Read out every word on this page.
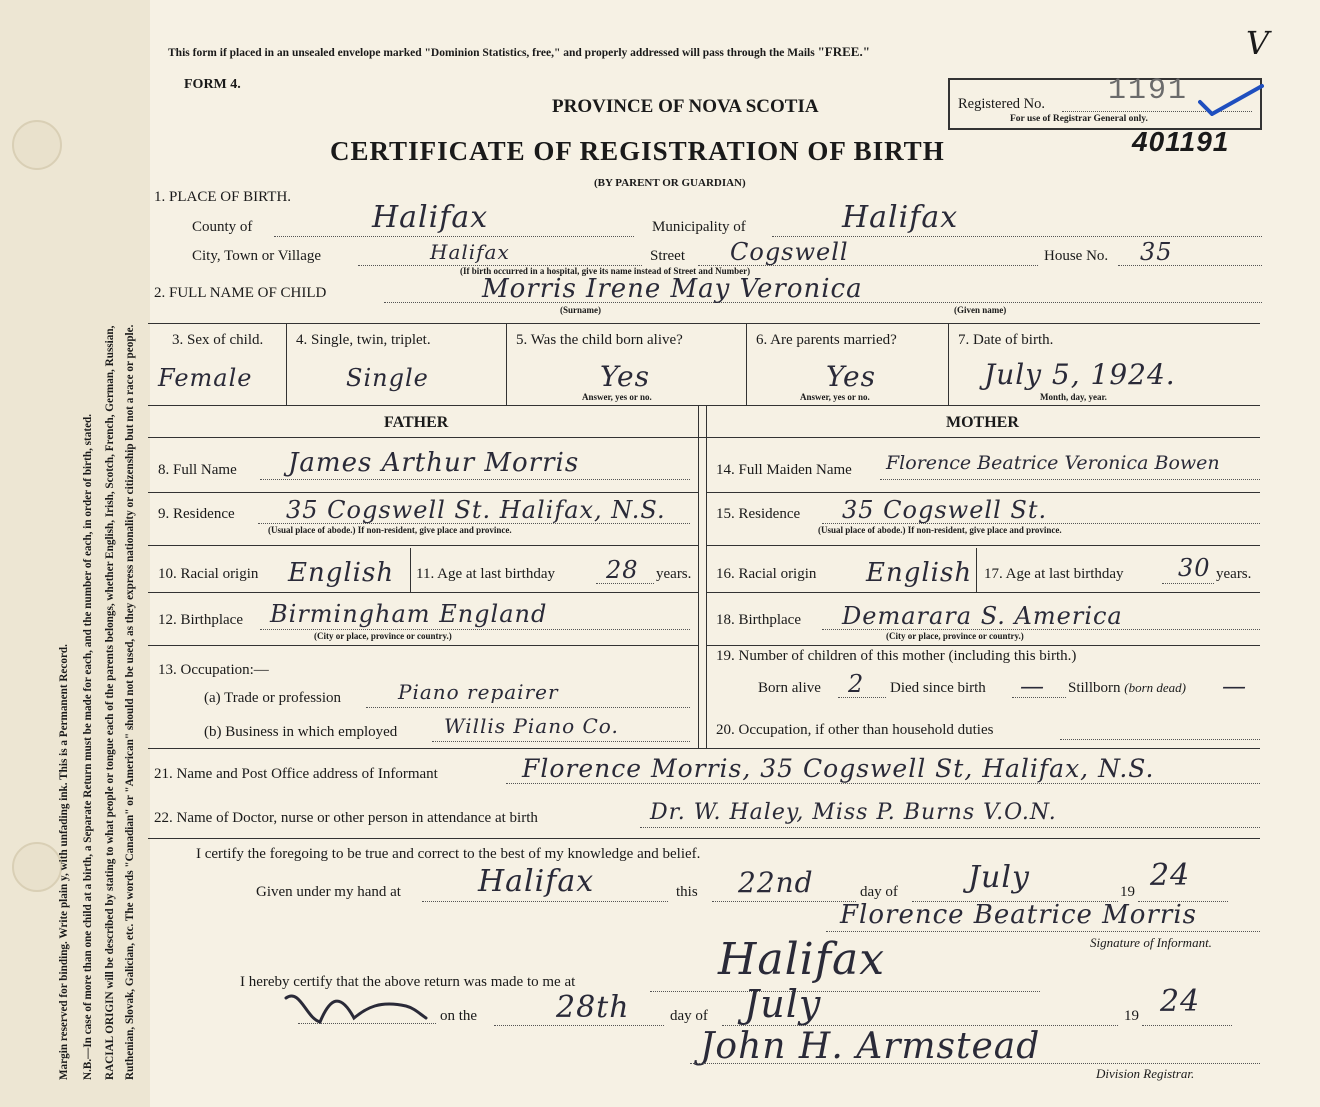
Margin reserved for binding. Write plain y, with unfading ink. This is a Permanent Record. N.B.—In case of more than one child at a birth, a Separate Return must be made for each, and the number of each, in order of birth, stated. RACIAL ORIGIN will be described by stating to what people or tongue each of the parents belongs, whether English, Irish, Scotch, French, German, Russian, Ruthenian, Slovak, Galician, etc. The words "Canadian" or "American" should not be used, as they express nationality or citizenship but not a race or people.
This form if placed in an unsealed envelope marked "Dominion Statistics, free," and properly addressed will pass through the Mails "FREE."	V
FORM 4.
PROVINCE OF NOVA SCOTIA
CERTIFICATE OF REGISTRATION OF BIRTH
(BY PARENT OR GUARDIAN)
Registered No. 1191
For use of Registrar General only.
401191
1. PLACE OF BIRTH.
County of	Halifax	Municipality of	Halifax
City, Town or Village	Halifax	Street Cogswell	House No. 35
(If birth occurred in a hospital, give its name instead of Street and Number)
2. FULL NAME OF CHILD	Morris Irene May Veronica
(Surname)	(Given name)
3. Sex of child.
Female
4. Single, twin, triplet.
Single
5. Was the child born alive?
Yes
Answer, yes or no.
6. Are parents married?
Yes
Answer, yes or no.
7. Date of birth.
July 5, 1924.
Month, day, year.
FATHER	MOTHER
8. Full Name James Arthur Morris
9. Residence 35 Cogswell St. Halifax, N.S.
(Usual place of abode.) If non-resident, give place and province.
10. Racial origin English 11. Age at last birthday 28 years.
12. Birthplace Birmingham England
(City or place, province or country.)
13. Occupation:—
(a) Trade or profession	Piano repairer
(b) Business in which employed Willis Piano Co.
14. Full Maiden Name Florence Beatrice Veronica Bowen
15. Residence 35 Cogswell St.
(Usual place of abode.) If non-resident, give place and province.
16. Racial origin English 17. Age at last birthday 30 years.
18. Birthplace Demarara S. America
(City or place, province or country.)
19. Number of children of this mother (including this birth.)
Born alive 2 Died since birth — Stillborn (born dead) —
20. Occupation, if other than household duties
21. Name and Post Office address of Informant	Florence Morris, 35 Cogswell St, Halifax, N.S.
22. Name of Doctor, nurse or other person in attendance at birth	Dr. W. Haley, Miss P. Burns V.O.N.
I certify the foregoing to be true and correct to the best of my knowledge and belief.
Given under my hand at	Halifax	this 22nd	day of July	19 24
Florence Beatrice Morris
Signature of Informant.
I hereby certify that the above return was made to me at	Halifax
on the	28th	day of July	19 24
John H. Armstead
Division Registrar.
